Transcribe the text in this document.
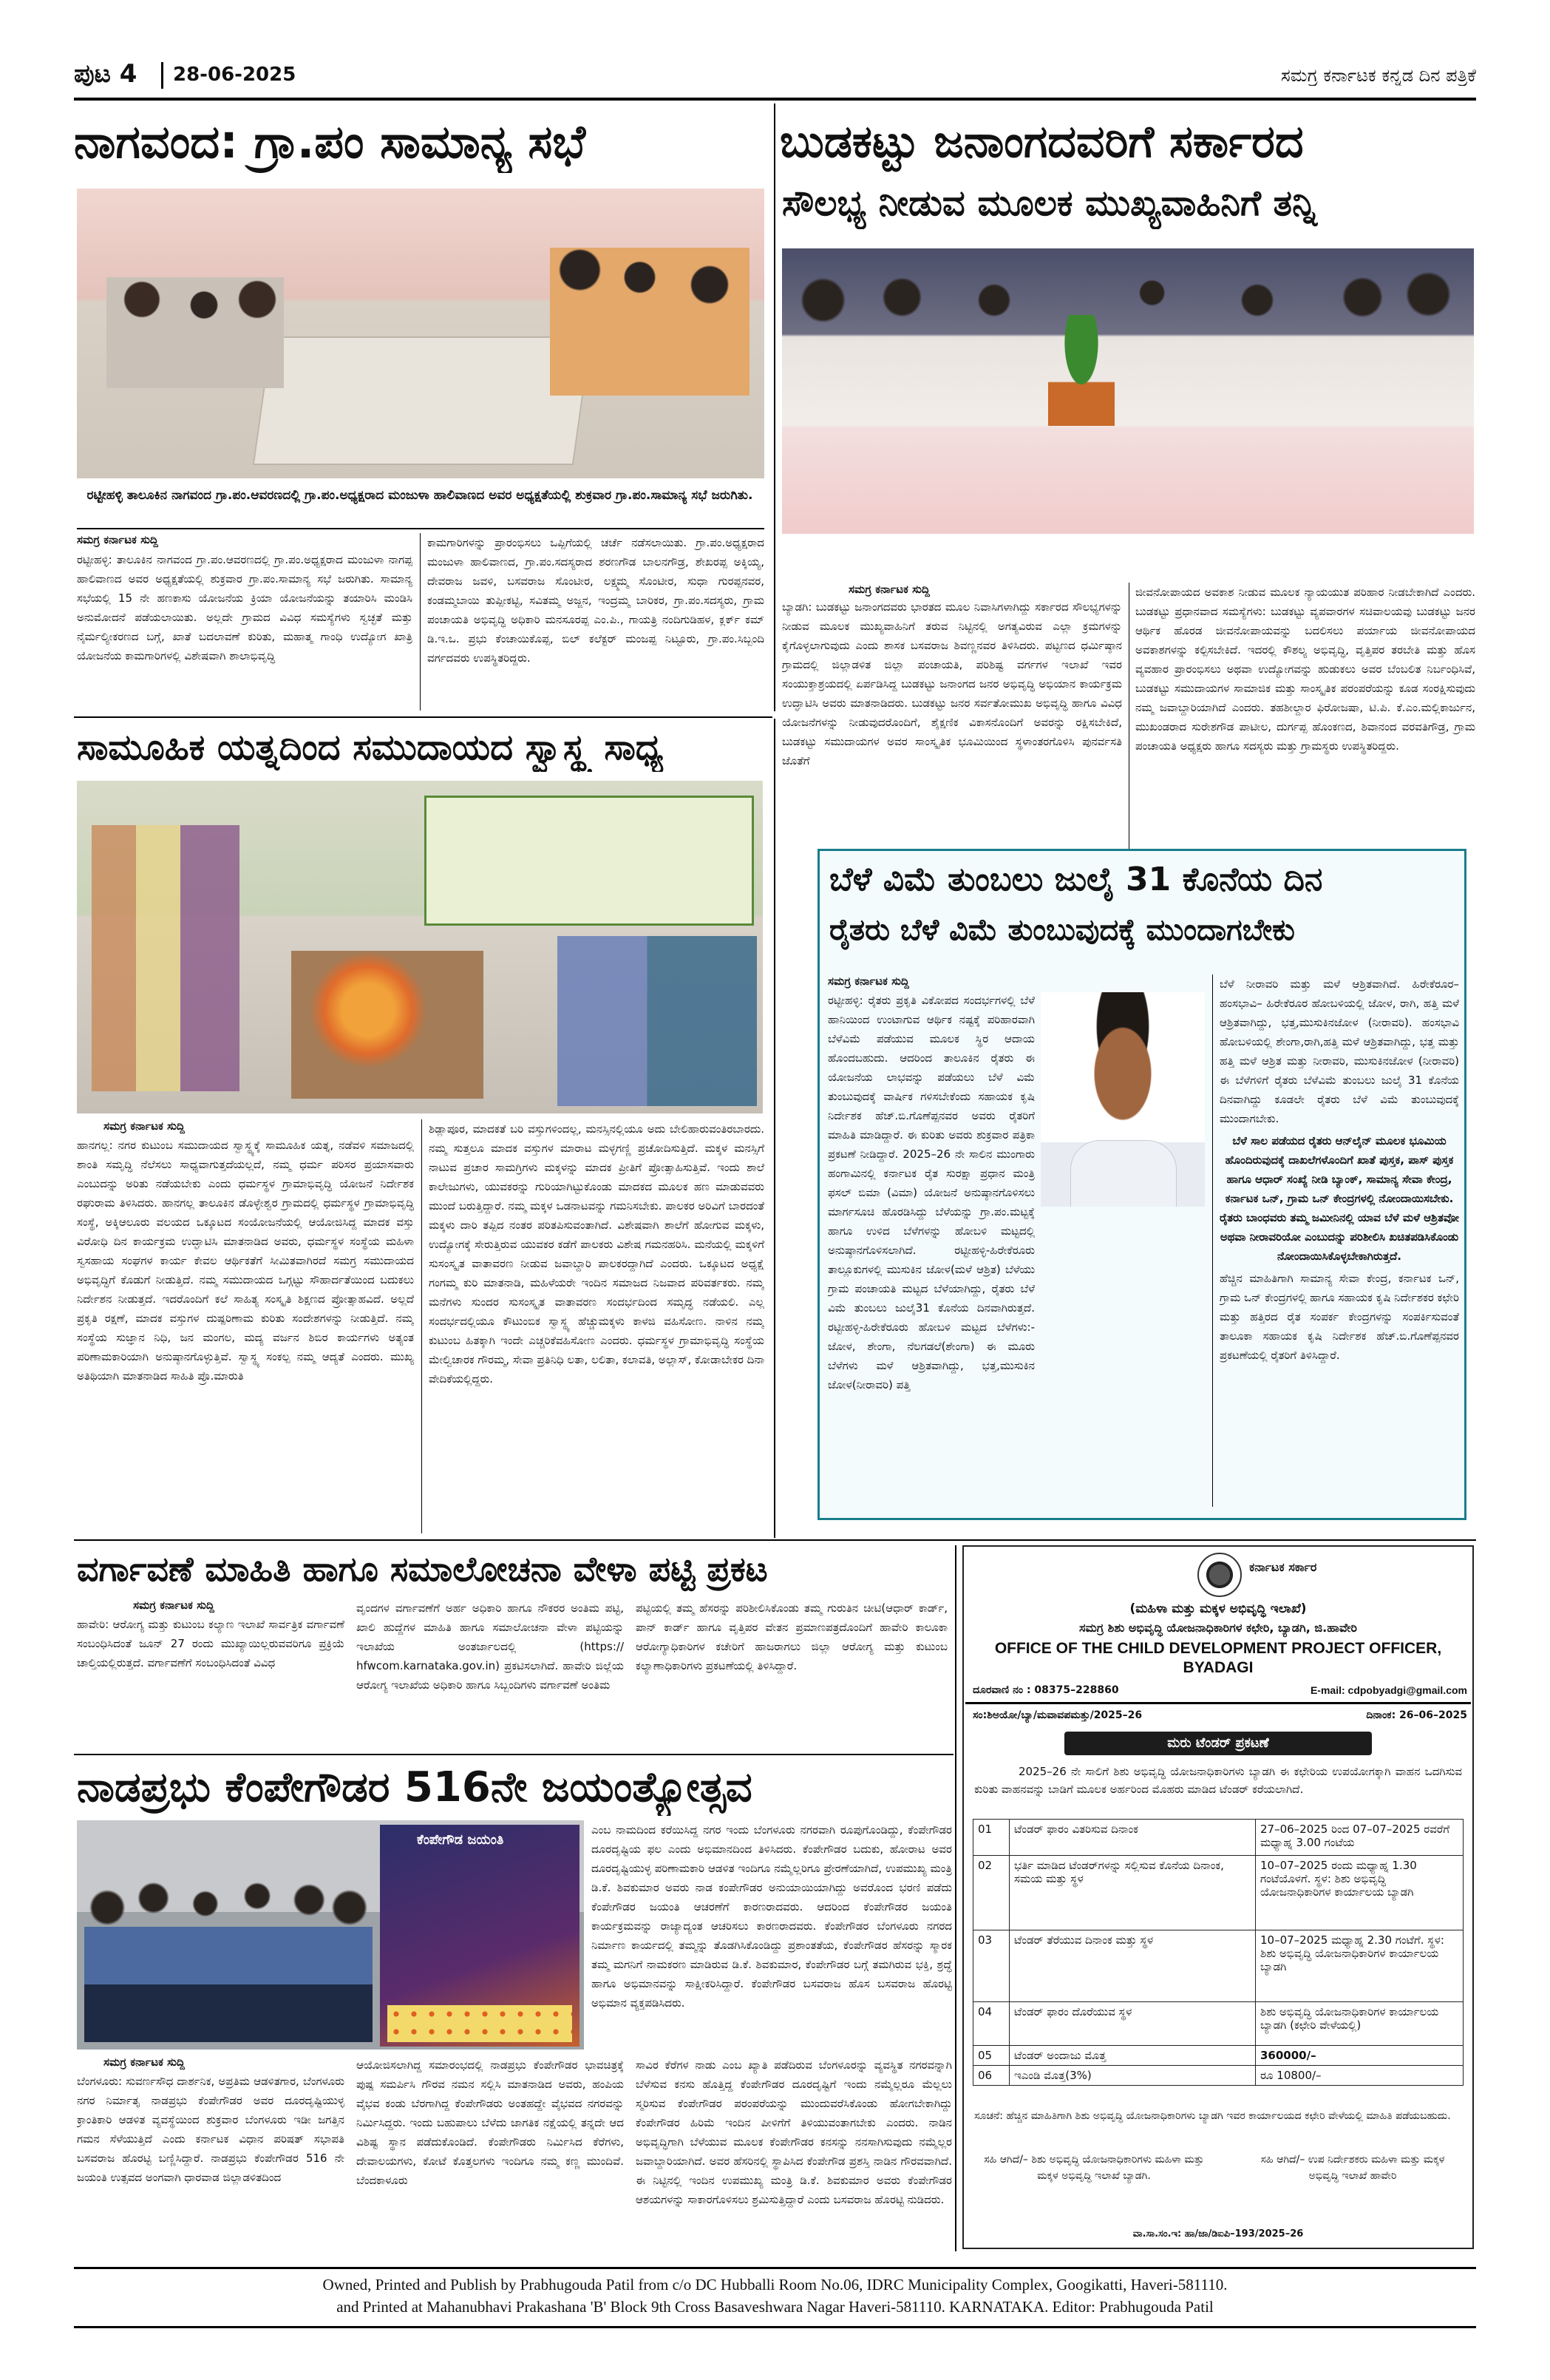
ಪುಟ 4 28-06-2025	ಸಮಗ್ರ ಕರ್ನಾಟಕ ಕನ್ನಡ ದಿನ ಪತ್ರಿಕೆ
ನಾಗವಂದ: ಗ್ರಾ.ಪಂ ಸಾಮಾನ್ಯ ಸಭೆ
ರಟ್ಟೀಹಳ್ಳಿ ತಾಲೂಕಿನ ನಾಗವಂದ ಗ್ರಾ.ಪಂ.ಆವರಣದಲ್ಲಿ ಗ್ರಾ.ಪಂ.ಅಧ್ಯಕ್ಷರಾದ ಮಂಜುಳಾ ಹಾಲಿವಾಣದ ಅವರ ಅಧ್ಯಕ್ಷತೆಯಲ್ಲಿ ಶುಕ್ರವಾರ ಗ್ರಾ.ಪಂ.ಸಾಮಾನ್ಯ ಸಭೆ ಜರುಗಿತು.
ಸಮಗ್ರ ಕರ್ನಾಟಕ ಸುದ್ದಿ
ರಟ್ಟೀಹಳ್ಳಿ: ತಾಲೂಕಿನ ನಾಗವಂದ ಗ್ರಾ.ಪಂ.ಆವರಣದಲ್ಲಿ ಗ್ರಾ.ಪಂ.ಅಧ್ಯಕ್ಷರಾದ ಮಂಜುಳಾ ನಾಗಪ್ಪ ಹಾಲಿವಾಣದ ಅವರ ಅಧ್ಯಕ್ಷತೆಯಲ್ಲಿ ಶುಕ್ರವಾರ ಗ್ರಾ.ಪಂ.ಸಾಮಾನ್ಯ ಸಭೆ ಜರುಗಿತು. ಸಾಮಾನ್ಯ ಸಭೆಯಲ್ಲಿ 15 ನೇ ಹಣಕಾಸು ಯೋಜನೆಯ ಕ್ರಿಯಾ ಯೋಜನೆಯನ್ನು ತಯಾರಿಸಿ ಮಂಡಿಸಿ ಅನುಮೋದನೆ ಪಡೆಯಲಾಯಿತು. ಅಲ್ಲದೇ ಗ್ರಾಮದ ವಿವಿಧ ಸಮಸ್ಯೆಗಳು ಸ್ವಚ್ಛತೆ ಮತ್ತು ನೈರ್ಮಲ್ಯೀಕರಣದ ಬಗ್ಗೆ, ಖಾತೆ ಬದಲಾವಣೆ ಕುರಿತು, ಮಹಾತ್ಮ ಗಾಂಧಿ ಉದ್ಯೋಗ ಖಾತ್ರಿ ಯೋಜನೆಯ ಕಾಮಗಾರಿಗಳಲ್ಲಿ ವಿಶೇಷವಾಗಿ ಶಾಲಾಭಿವೃದ್ಧಿ
ಕಾಮಗಾರಿಗಳನ್ನು ಪ್ರಾರಂಭಿಸಲು ಒಪ್ಪಿಗೆಯಲ್ಲಿ ಚರ್ಚೆ ನಡೆಸಲಾಯಿತು. ಗ್ರಾ.ಪಂ.ಅಧ್ಯಕ್ಷರಾದ ಮಂಜುಳಾ ಹಾಲಿವಾಣದ, ಗ್ರಾ.ಪಂ.ಸದಸ್ಯರಾದ ಶರಣಗೌಡ ಬಾಲನಗೌಡ್ರ, ಶೇಖರಪ್ಪ ಅಕ್ಕಿಯ್ಯ, ದೇವರಾಜ ಜವಳಿ, ಬಸವರಾಜ ಸೊಂಟೀರ, ಲಕ್ಷ್ಮಮ್ಮ ಸೊಂಟೀರ, ಸುಧಾ ಗುರಪ್ಪನವರ, ಕಂಡಮ್ಮಬಾಯಿ ತುಪ್ಪೀಕಟ್ಟಿ, ಸವಿತಮ್ಮ ಅಜ್ಜನ, ಇಂದ್ರಮ್ಮ ಬಾರಿಕರ, ಗ್ರಾ.ಪಂ.ಸದಸ್ಯರು, ಗ್ರಾಮ ಪಂಚಾಯತಿ ಅಭಿವೃದ್ಧಿ ಅಧಿಕಾರಿ ಮನಸೂರಪ್ಪ ಎಂ.ಪಿ., ಗಾಯತ್ರಿ ನಂದಿಗುಡಿಹಳ, ಕ್ಲರ್ಕ್ ಕಮ್ ಡಿ.ಇ.ಒ. ಪ್ರಭು ಕೆಂಚಾಯಿಕೊಪ್ಪ, ಬಿಲ್ ಕಲೆಕ್ಟರ್ ಮಂಜಪ್ಪ ನಿಟ್ಟೂರು, ಗ್ರಾ.ಪಂ.ಸಿಬ್ಬಂದಿ ವರ್ಗದವರು ಉಪಸ್ಥಿತರಿದ್ದರು.
ಬುಡಕಟ್ಟು ಜನಾಂಗದವರಿಗೆ ಸರ್ಕಾರದ
ಸೌಲಭ್ಯ ನೀಡುವ ಮೂಲಕ ಮುಖ್ಯವಾಹಿನಿಗೆ ತನ್ನಿ
ಸಮಗ್ರ ಕರ್ನಾಟಕ ಸುದ್ದಿ
ಬ್ಯಾಡಗಿ: ಬುಡಕಟ್ಟು ಜನಾಂಗದವರು ಭಾರತದ ಮೂಲ ನಿವಾಸಿಗಳಾಗಿದ್ದು ಸರ್ಕಾರದ ಸೌಲಭ್ಯಗಳನ್ನು ನೀಡುವ ಮೂಲಕ ಮುಖ್ಯವಾಹಿನಿಗೆ ತರುವ ನಿಟ್ಟಿನಲ್ಲಿ ಅಗತ್ಯವಿರುವ ಎಲ್ಲಾ ಕ್ರಮಗಳನ್ನು ಕೈಗೊಳ್ಳಲಾಗುವುದು ಎಂದು ಶಾಸಕ ಬಸವರಾಜ ಶಿವಣ್ಣನವರ ತಿಳಿಸಿದರು. ಪಟ್ಟಣದ ಧರ್ಮಿಷ್ಠಾನ ಗ್ರಾಮದಲ್ಲಿ ಜಿಲ್ಲಾಡಳಿತ ಜಿಲ್ಲಾ ಪಂಚಾಯತಿ, ಪರಿಶಿಷ್ಟ ವರ್ಗಗಳ ಇಲಾಖೆ ಇವರ ಸಂಯುಕ್ತಾಶ್ರಯದಲ್ಲಿ ಏರ್ಪಡಿಸಿದ್ದ ಬುಡಕಟ್ಟು ಜನಾಂಗದ ಜನರ ಅಭಿವೃದ್ಧಿ ಅಭಿಯಾನ ಕಾರ್ಯಕ್ರಮ ಉದ್ಘಾಟಿಸಿ ಅವರು ಮಾತನಾಡಿದರು. ಬುಡಕಟ್ಟು ಜನರ ಸರ್ವತೋಮುಖ ಅಭಿವೃದ್ಧಿ ಹಾಗೂ ವಿವಿಧ ಯೋಜನೆಗಳನ್ನು ನೀಡುವುದರೊಂದಿಗೆ, ಶೈಕ್ಷಣಿಕ ವಿಕಾಸನೊಂದಿಗೆ ಅವರನ್ನು ರಕ್ಷಿಸಬೇಕಿದೆ, ಬುಡಕಟ್ಟು ಸಮುದಾಯಗಳ ಅವರ ಸಾಂಸ್ಕೃತಿಕ ಭೂಮಿಯಿಂದ ಸ್ಥಳಾಂತರಗೊಳಿಸಿ ಪುನರ್ವಸತಿ ಜೊತೆಗೆ
ಜೀವನೋಪಾಯದ ಅವಕಾಶ ನೀಡುವ ಮೂಲಕ ನ್ಯಾಯಯುತ ಪರಿಹಾರ ನೀಡಬೇಕಾಗಿದೆ ಎಂದರು. ಬುಡಕಟ್ಟು ಪ್ರಧಾನವಾದ ಸಮಸ್ಯೆಗಳು: ಬುಡಕಟ್ಟು ವ್ಯಪವಾರಗಳ ಸಚಿವಾಲಯವು ಬುಡಕಟ್ಟು ಜನರ ಆರ್ಥಿಕ ಹೊರಡ ಜೀವನೋಪಾಯವನ್ನು ಬದಲಿಸಲು ಪರ್ಯಾಯ ಜೀವನೋಪಾಯದ ಅವಕಾಶಗಳನ್ನು ಕಲ್ಪಿಸಬೇಕಿದೆ. ಇದರಲ್ಲಿ ಕೌಶಲ್ಯ ಅಭಿವೃದ್ಧಿ, ವೃತ್ತಿಪರ ತರಬೇತಿ ಮತ್ತು ಹೊಸ ವ್ಯವಹಾರ ಪ್ರಾರಂಭಿಸಲು ಅಥವಾ ಉದ್ಯೋಗವನ್ನು ಹುಡುಕಲು ಅವರ ಬೆಂಬಲಿತ ನಿರ್ಬಂಧಿಸಿವೆ, ಬುಡಕಟ್ಟು ಸಮುದಾಯಗಳ ಸಾಮಾಜಿಕ ಮತ್ತು ಸಾಂಸ್ಕೃತಿಕ ಪರಂಪರೆಯನ್ನು ಕೂಡ ಸಂರಕ್ಷಿಸುವುದು ನಮ್ಮ ಜವಾಬ್ದಾರಿಯಾಗಿದೆ ಎಂದರು. ತಹಶೀಲ್ದಾರ ಫಿರೋಜಷಾ, ಟಿ.ಪಿ. ಕೆ.ಎಂ.ಮಲ್ಲಿಕಾರ್ಜುನ, ಮುಖಂಡರಾದ ಸುರೇಶಗೌಡ ಪಾಟೀಲ, ದುರ್ಗಪ್ಪ ಹೊಂಕಣದ, ಶಿವಾನಂದ ವರವತಿಗೌಡ್ರ, ಗ್ರಾಮ ಪಂಚಾಯತಿ ಅಧ್ಯಕ್ಷರು ಹಾಗೂ ಸದಸ್ಯರು ಮತ್ತು ಗ್ರಾಮಸ್ಥರು ಉಪಸ್ಥಿತರಿದ್ದರು.
ಸಾಮೂಹಿಕ ಯತ್ನದಿಂದ ಸಮುದಾಯದ ಸ್ವಾಸ್ಥ್ಯ ಸಾಧ್ಯ
ಸಮಗ್ರ ಕರ್ನಾಟಕ ಸುದ್ದಿ
ಹಾನಗಲ್ಲ: ನಗರ ಕುಟುಂಬ ಸಮುದಾಯದ ಸ್ವಾಸ್ಥ್ಯಕ್ಕೆ ಸಾಮೂಹಿಕ ಯತ್ನ, ನಡೆವಳಿ ಸಮಾಜದಲ್ಲಿ ಶಾಂತಿ ಸಮೃದ್ಧಿ ನೆಲೆಸಲು ಸಾಧ್ಯವಾಗುತ್ತದೆಯಲ್ಲದೆ, ನಮ್ಮ ಧರ್ಮ ಪರಿಸರ ಪ್ರಯಾಸವಾರು ಎಂಬುದನ್ನು ಅರಿತು ನಡೆಯಬೇಕು ಎಂದು ಧರ್ಮಸ್ಥಳ ಗ್ರಾಮಾಭಿವೃದ್ಧಿ ಯೋಜನೆ ನಿರ್ದೇಶಕ ರಘುರಾಮ ತಿಳಿಸಿದರು. ಹಾನಗಲ್ಲ ತಾಲೂಕಿನ ಡೊಳ್ಳೇಶ್ವರ ಗ್ರಾಮದಲ್ಲಿ ಧರ್ಮಸ್ಥಳ ಗ್ರಾಮಾಭಿವೃದ್ಧಿ ಸಂಸ್ಥೆ, ಅಕ್ಕಿಆಲೂರು ವಲಯದ ಒಕ್ಕೂಟದ ಸಂಯೋಜನೆಯಲ್ಲಿ ಆಯೋಜಿಸಿದ್ದ ಮಾದಕ ವಸ್ತು ವಿರೋಧಿ ದಿನ ಕಾರ್ಯಕ್ರಮ ಉದ್ಘಾಟಿಸಿ ಮಾತನಾಡಿದ ಅವರು, ಧರ್ಮಸ್ಥಳ ಸಂಸ್ಥೆಯ ಮಹಿಳಾ ಸ್ವಸಹಾಯ ಸಂಘಗಳ ಕಾರ್ಯ ಕೇವಲ ಆರ್ಥಿಕತೆಗೆ ಸೀಮಿತವಾಗಿರದೆ ಸಮಗ್ರ ಸಮುದಾಯದ ಅಭಿವೃದ್ಧಿಗೆ ಕೊಡುಗೆ ನೀಡುತ್ತಿದೆ. ನಮ್ಮ ಸಮುದಾಯದ ಒಗ್ಗಟ್ಟು ಸೌಹಾರ್ದತೆಯಿಂದ ಬದುಕಲು ನಿರ್ದೇಶನ ನೀಡುತ್ತದೆ. ಇದರೊಂದಿಗೆ ಕಲೆ ಸಾಹಿತ್ಯ ಸಂಸ್ಕೃತಿ ಶಿಕ್ಷಣದ ಪ್ರೋತ್ಸಾಹವಿದೆ. ಅಲ್ಲದೆ ಪ್ರಕೃತಿ ರಕ್ಷಣೆ, ಮಾದಕ ವಸ್ತುಗಳ ದುಷ್ಪರಿಣಾಮ ಕುರಿತು ಸಂದೇಶಗಳನ್ನು ನೀಡುತ್ತಿದೆ. ನಮ್ಮ ಸಂಸ್ಥೆಯ ಸುಜ್ಞಾನ ನಿಧಿ, ಜನ ಮಂಗಲ, ಮದ್ಯ ವರ್ಜನ ಶಿಬಿರ ಕಾರ್ಯಗಳು ಅತ್ಯಂತ ಪರಿಣಾಮಕಾರಿಯಾಗಿ ಅನುಷ್ಠಾನಗೊಳ್ಳುತ್ತಿವೆ. ಸ್ವಾಸ್ಥ್ಯ ಸಂಕಲ್ಪ ನಮ್ಮ ಆದ್ಯತೆ ಎಂದರು. ಮುಖ್ಯ ಅತಿಥಿಯಾಗಿ ಮಾತನಾಡಿದ ಸಾಹಿತಿ ಪ್ರೊ.ಮಾರುತಿ
ಶಿಡ್ಲಾಪೂರ, ಮಾದಕತೆ ಬರಿ ವಸ್ತುಗಳಿಂದಲ್ಲ, ಮನಸ್ಸಿನಲ್ಲಿಯೂ ಅದು ಬೇಲಿಹಾರುವಂತಿರಬಾರದು. ನಮ್ಮ ಸುತ್ತಲೂ ಮಾದಕ ವಸ್ತುಗಳ ಮಾರಾಟ ಮಳ್ಳಗಣ್ಣಿ ಪ್ರಚೋದಿಸುತ್ತಿದೆ. ಮಕ್ಕಳ ಮನಸ್ಸಿಗೆ ನಾಟುವ ಪ್ರಚಾರ ಸಾಮಗ್ರಿಗಳು ಮಕ್ಕಳನ್ನು ಮಾದಕ ಪ್ರೀತಿಗೆ ಪ್ರೋತ್ಸಾಹಿಸುತ್ತಿವೆ. ಇಂದು ಶಾಲೆ ಕಾಲೇಜುಗಳು, ಯುವಕರನ್ನು ಗುರಿಯಾಗಿಟ್ಟುಕೊಂಡು ಮಾದಕದ ಮೂಲಕ ಹಣ ಮಾಡುವವರು ಮುಂದೆ ಬರುತ್ತಿದ್ದಾರೆ. ನಮ್ಮ ಮಕ್ಕಳ ಒಡನಾಟವನ್ನು ಗಮನಿಸಬೇಕು. ಪಾಲಕರ ಅರಿವಿಗೆ ಬಾರದಂತೆ ಮಕ್ಕಳು ದಾರಿ ತಪ್ಪಿದ ನಂತರ ಪರಿತಪಿಸುವಂತಾಗಿದೆ. ವಿಶೇಷವಾಗಿ ಶಾಲೆಗೆ ಹೋಗುವ ಮಕ್ಕಳು, ಉದ್ಯೋಗಕ್ಕೆ ಸೇರುತ್ತಿರುವ ಯುವಕರ ಕಡೆಗೆ ಪಾಲಕರು ವಿಶೇಷ ಗಮನಹರಿಸಿ. ಮನೆಯಲ್ಲಿ ಮಕ್ಕಳಿಗೆ ಸುಸಂಸ್ಕೃತ ವಾತಾವರಣ ನೀಡುವ ಜವಾಬ್ದಾರಿ ಪಾಲಕರದ್ದಾಗಿದೆ ಎಂದರು. ಒಕ್ಕೂಟದ ಅಧ್ಯಕ್ಷೆ ಗಂಗಮ್ಮ ಕುರಿ ಮಾತನಾಡಿ, ಮಹಿಳೆಯರೇ ಇಂದಿನ ಸಮಾಜದ ನಿಜವಾದ ಪರಿವರ್ತಕರು. ನಮ್ಮ ಮನೆಗಳು ಸುಂದರ ಸುಸಂಸ್ಕೃತ ವಾತಾವರಣ ಸಂದರ್ಭದಿಂದ ಸಮೃದ್ಧ ನಡೆಯಲಿ. ಎಲ್ಲ ಸಂದರ್ಭದಲ್ಲಿಯೂ ಕೌಟುಂಬಿಕ ಸ್ವಾಸ್ಥ್ಯ ಹೆಚ್ಚುಮಕ್ಕಳು ಕಾಳಜಿ ವಹಿಸೋಣ. ನಾಳಿನ ನಮ್ಮ ಕುಟುಂಬ ಹಿತಕ್ಕಾಗಿ ಇಂದೇ ಎಚ್ಚರಿಕೆವಹಿಸೋಣ ಎಂದರು. ಧರ್ಮಸ್ಥಳ ಗ್ರಾಮಾಭಿವೃದ್ಧಿ ಸಂಸ್ಥೆಯ ಮೇಲ್ವಿಚಾರಕ ಗೌರಮ್ಮ, ಸೇವಾ ಪ್ರತಿನಿಧಿ ಲತಾ, ಲಲಿತಾ, ಕಲಾವತಿ, ಅಲ್ಲಾಸ್, ಕೋಡಾಬೇಕರ ದಿನಾ ವೇದಿಕೆಯಲ್ಲಿದ್ದರು.
ಬೆಳೆ ವಿಮೆ ತುಂಬಲು ಜುಲೈ 31 ಕೊನೆಯ ದಿನ
ರೈತರು ಬೆಳೆ ವಿಮೆ ತುಂಬುವುದಕ್ಕೆ ಮುಂದಾಗಬೇಕು
ಸಮಗ್ರ ಕರ್ನಾಟಕ ಸುದ್ದಿ

ರಟ್ಟೀಹಳ್ಳಿ: ರೈತರು ಪ್ರಕೃತಿ ವಿಕೋಪದ ಸಂದರ್ಭಗಳಲ್ಲಿ ಬೆಳೆ ಹಾನಿಯಿಂದ ಉಂಟಾಗುವ ಆರ್ಥಿಕ ನಷ್ಟಕ್ಕೆ ಪರಿಹಾರವಾಗಿ ಬೆಳೆವಿಮೆ ಪಡೆಯುವ ಮೂಲಕ ಸ್ಥಿರ ಆದಾಯ ಹೊಂದಬಹುದು. ಆದರಿಂದ ತಾಲೂಕಿನ ರೈತರು ಈ ಯೋಜನೆಯ ಲಾಭವನ್ನು ಪಡೆಯಲು ಬೆಳೆ ವಿಮೆ ತುಂಬುವುದಕ್ಕೆ ವಾರ್ಷಿಕ ಗಳಿಸಬೇಕೆಂದು ಸಹಾಯಕ ಕೃಷಿ ನಿರ್ದೇಶಕ ಹೆಚ್.ಬಿ.ಗೊಣೆಪ್ಪನವರ ಅವರು ರೈತರಿಗೆ ಮಾಹಿತಿ ಮಾಡಿದ್ದಾರೆ. ಈ ಕುರಿತು ಅವರು ಶುಕ್ರವಾರ ಪತ್ರಿಕಾ ಪ್ರಕಟಣೆ ನೀಡಿದ್ದಾರೆ. 2025–26 ನೇ ಸಾಲಿನ ಮುಂಗಾರು ಹಂಗಾಮಿನಲ್ಲಿ ಕರ್ನಾಟಕ ರೈತ ಸುರಕ್ಷಾ ಪ್ರಧಾನ ಮಂತ್ರಿ ಫಸಲ್ ಬಿಮಾ (ವಿಮಾ) ಯೋಜನೆ ಅನುಷ್ಠಾನಗೊಳಿಸಲು ಮಾರ್ಗಸೂಚಿ ಹೊರಡಿಸಿದ್ದು ಬೆಳೆಯನ್ನು ಗ್ರಾ.ಪಂ.ಮಟ್ಟಕ್ಕೆ ಹಾಗೂ ಉಳಿದ ಬೆಳೆಗಳನ್ನು ಹೋಬಳಿ ಮಟ್ಟದಲ್ಲಿ ಅನುಷ್ಠಾನಗೊಳಿಸಲಾಗಿದೆ. ರಟ್ಟೀಹಳ್ಳಿ-ಹಿರೇಕೆರೂರು ತಾಲ್ಲೂಕುಗಳಲ್ಲಿ ಮುಸುಕಿನ ಜೋಳ(ಮಳೆ ಆಶ್ರಿತ) ಬೆಳೆಯು ಗ್ರಾಮ ಪಂಚಾಯತಿ ಮಟ್ಟದ ಬೆಳೆಯಾಗಿದ್ದು, ರೈತರು ಬೆಳೆ ವಿಮೆ ತುಂಬಲು ಜುಲೈ31 ಕೊನೆಯ ದಿನವಾಗಿರುತ್ತದೆ. ರಟ್ಟೀಹಳ್ಳಿ-ಹಿರೇಕೆರೂರು ಹೋಬಳಿ ಮಟ್ಟದ ಬೆಳೆಗಳು:- ಜೋಳ, ಶೇಂಗಾ, ನೆಲಗಡಲೆ(ಶೇಂಗಾ) ಈ ಮೂರು ಬೆಳೆಗಳು ಮಳೆ ಆಶ್ರಿತವಾಗಿದ್ದು, ಭತ್ತ,ಮುಸುಕಿನ ಜೋಳ(ನೀರಾವರಿ) ಪತ್ತಿ

ಬೆಳೆ ನೀರಾವರಿ ಮತ್ತು ಮಳೆ ಆಶ್ರಿತವಾಗಿದೆ. ಹಿರೇಕೆರೂರ–ಹಂಸಭಾವಿ– ಹಿರೇಕೆರೂರ ಹೋಬಳಿಯಲ್ಲಿ ಜೋಳ, ರಾಗಿ, ಹತ್ತಿ ಮಳೆ ಆಶ್ರಿತವಾಗಿದ್ದು, ಭತ್ತ,ಮುಸುಕಿನಜೋಳ (ನೀರಾವರಿ). ಹಂಸಭಾವಿ ಹೋಬಳಿಯಲ್ಲಿ ಶೇಂಗಾ,ರಾಗಿ,ಹತ್ತಿ ಮಳೆ ಆಶ್ರಿತವಾಗಿದ್ದು, ಭತ್ತ ಮತ್ತು ಹತ್ತಿ ಮಳೆ ಆಶ್ರಿತ ಮತ್ತು ನೀರಾವರಿ, ಮುಸುಕಿನಜೋಳ (ನೀರಾವರಿ) ಈ ಬೆಳೆಗಳಿಗೆ ರೈತರು ಬೆಳೆವಿಮೆ ತುಂಬಲು ಜುಲೈ 31 ಕೊನೆಯ ದಿನವಾಗಿದ್ದು ಕೂಡಲೇ ರೈತರು ಬೆಳೆ ವಿಮೆ ತುಂಬುವುದಕ್ಕೆ ಮುಂದಾಗಬೇಕು.

ಬೆಳೆ ಸಾಲ ಪಡೆಯದ ರೈತರು ಆನ್‌ಲೈನ್ ಮೂಲಕ ಭೂಮಿಯ ಹೊಂದಿರುವುದಕ್ಕೆ ದಾಖಲೆಗಳೊಂದಿಗೆ ಖಾತೆ ಪುಸ್ತಕ, ಪಾಸ್ ಪುಸ್ತಕ ಹಾಗೂ ಆಧಾರ್ ಸಂಖ್ಯೆ ನೀಡಿ ಬ್ಯಾಂಕ್, ಸಾಮಾನ್ಯ ಸೇವಾ ಕೇಂದ್ರ, ಕರ್ನಾಟಕ ಒನ್, ಗ್ರಾಮ ಒನ್ ಕೇಂದ್ರಗಳಲ್ಲಿ ನೋಂದಾಯಿಸಬೇಕು. ರೈತರು ಬಾಂಧವರು ತಮ್ಮ ಜಮೀನಿನಲ್ಲಿ ಯಾವ ಬೆಳೆ ಮಳೆ ಆಶ್ರಿತವೋ ಅಥವಾ ನೀರಾವರಿಯೋ ಎಂಬುದನ್ನು ಪರಿಶೀಲಿಸಿ ಖಚಿತಪಡಿಸಿಕೊಂಡು ನೋಂದಾಯಿಸಿಕೊಳ್ಳಬೇಕಾಗಿರುತ್ತದೆ.

ಹೆಚ್ಚಿನ ಮಾಹಿತಿಗಾಗಿ ಸಾಮಾನ್ಯ ಸೇವಾ ಕೇಂದ್ರ, ಕರ್ನಾಟಕ ಒನ್, ಗ್ರಾಮ ಒನ್ ಕೇಂದ್ರಗಳಲ್ಲಿ ಹಾಗೂ ಸಹಾಯಕ ಕೃಷಿ ನಿರ್ದೇಶಕರ ಕಛೇರಿ ಮತ್ತು ಹತ್ತಿರದ ರೈತ ಸಂಪರ್ಕ ಕೇಂದ್ರಗಳನ್ನು ಸಂಪರ್ಕಿಸುವಂತೆ ತಾಲೂಕಾ ಸಹಾಯಕ ಕೃಷಿ ನಿರ್ದೇಶಕ ಹೆಚ್.ಬಿ.ಗೊಣೆಪ್ಪನವರ ಪ್ರಕಟಣೆಯಲ್ಲಿ ರೈತರಿಗೆ ತಿಳಿಸಿದ್ದಾರೆ.

ವರ್ಗಾವಣೆ ಮಾಹಿತಿ ಹಾಗೂ ಸಮಾಲೋಚನಾ ವೇಳಾ ಪಟ್ಟಿ ಪ್ರಕಟ
ಸಮಗ್ರ ಕರ್ನಾಟಕ ಸುದ್ದಿ
ಹಾವೇರಿ: ಆರೋಗ್ಯ ಮತ್ತು ಕುಟುಂಬ ಕಲ್ಯಾಣ ಇಲಾಖೆ ಸಾರ್ವತ್ರಿಕ ವರ್ಗಾವಣೆ ಸಂಬಂಧಿಸಿದಂತೆ ಜೂನ್ 27 ರಂದು ಮುಖ್ಯಾಯಿಲ್ಲರುವವರಿಗೂ ಪ್ರಕ್ರಿಯೆ ಚಾಲ್ತಿಯಲ್ಲಿರುತ್ತದೆ. ವರ್ಗಾವಣೆಗೆ ಸಂಬಂಧಿಸಿದಂತೆ ವಿವಿಧ
ವೃಂದಗಳ ವರ್ಗಾವಣೆಗೆ ಅರ್ಹ ಅಧಿಕಾರಿ ಹಾಗೂ ನೌಕರರ ಅಂತಿಮ ಪಟ್ಟಿ, ಖಾಲಿ ಹುದ್ದೆಗಳ ಮಾಹಿತಿ ಹಾಗೂ ಸಮಾಲೋಚನಾ ವೇಳಾ ಪಟ್ಟಿಯನ್ನು ಇಲಾಖೆಯ ಅಂತರ್ಜಾಲದಲ್ಲಿ (https:// hfwcom.karnataka.gov.in) ಪ್ರಕಟಿಸಲಾಗಿದೆ. ಹಾವೇರಿ ಜಿಲ್ಲೆಯ ಆರೋಗ್ಯ ಇಲಾಖೆಯ ಅಧಿಕಾರಿ ಹಾಗೂ ಸಿಬ್ಬಂದಿಗಳು ವರ್ಗಾವಣೆ ಅಂತಿಮ
ಪಟ್ಟಿಯಲ್ಲಿ ತಮ್ಮ ಹೆಸರನ್ನು ಪರಿಶೀಲಿಸಿಕೊಂಡು ತಮ್ಮ ಗುರುತಿನ ಚೀಟಿ(ಆಧಾರ್ ಕಾರ್ಡ್, ಪಾನ್ ಕಾರ್ಡ್ ಹಾಗೂ ವೃತ್ತಿಪರ ವೇತನ ಪ್ರಮಾಣಪತ್ರದೊಂದಿಗೆ ಹಾವೇರಿ ಕಾಲೂಕಾ ಆರೋಗ್ಯಾಧಿಕಾರಿಗಳ ಕಚೇರಿಗೆ ಹಾಜರಾಗಲು ಜಿಲ್ಲಾ ಆರೋಗ್ಯ ಮತ್ತು ಕುಟುಂಬ ಕಲ್ಯಾಣಾಧಿಕಾರಿಗಳು ಪ್ರಕಟಣೆಯಲ್ಲಿ ತಿಳಿಸಿದ್ದಾರೆ.
ಕರ್ನಾಟಕ ಸರ್ಕಾರ
(ಮಹಿಳಾ ಮತ್ತು ಮಕ್ಕಳ ಅಭಿವೃದ್ಧಿ ಇಲಾಖೆ)
ಸಮಗ್ರ ಶಿಶು ಅಭಿವೃದ್ಧಿ ಯೋಜನಾಧಿಕಾರಿಗಳ ಕಛೇರಿ, ಬ್ಯಾಡಗಿ, ಜಿ.ಹಾವೇರಿ
OFFICE OF THE CHILD DEVELOPMENT PROJECT OFFICER,
BYADAGI
ದೂರವಾಣಿ ನಂ : 08375–228860	E-mail: cdpobyadgi@gmail.com
ಸಂ:ಶಿಅಯೋ/ಬ್ಯಾ/ಮವಾವಪಮತ್ತು/2025–26	ದಿನಾಂಕ: 26–06–2025
ಮರು ಟೆಂಡರ್ ಪ್ರಕಟಣೆ
2025–26 ನೇ ಸಾಲಿಗೆ ಶಿಶು ಅಭಿವೃದ್ಧಿ ಯೋಜನಾಧಿಕಾರಿಗಳು ಬ್ಯಾಡಗಿ ಈ ಕಛೇರಿಯ ಉಪಯೋಗಕ್ಕಾಗಿ ವಾಹನ ಒದಗಿಸುವ ಕುರಿತು ವಾಹನವನ್ನು ಬಾಡಿಗೆ ಮೂಲಕ ಅರ್ಹರಿಂದ ಮೊಹರು ಮಾಡಿದ ಟೆಂಡರ್ ಕರೆಯಲಾಗಿದೆ.
01	ಟೆಂಡರ್ ಫಾರಂ ವಿತರಿಸುವ ದಿನಾಂಕ	27–06–2025 ರಿಂದ 07–07–2025 ರವರೆಗೆ ಮಧ್ಯಾಹ್ನ 3.00 ಗಂಟೆಯ
02	ಭರ್ತಿ ಮಾಡಿದ ಟೆಂಡರ್‌ಗಳನ್ನು ಸಲ್ಲಿಸುವ ಕೊನೆಯ ದಿನಾಂಕ, ಸಮಯ ಮತ್ತು ಸ್ಥಳ	10–07–2025 ರಂದು ಮಧ್ಯಾಹ್ನ 1.30 ಗಂಟೆಯೊಳಗೆ. ಸ್ಥಳ: ಶಿಶು ಅಭಿವೃದ್ಧಿ ಯೋಜನಾಧಿಕಾರಿಗಳ ಕಾರ್ಯಾಲಯ ಬ್ಯಾಡಗಿ
03	ಟೆಂಡರ್ ತೆರೆಯುವ ದಿನಾಂಕ ಮತ್ತು ಸ್ಥಳ	10–07–2025 ಮಧ್ಯಾಹ್ನ 2.30 ಗಂಟೆಗೆ. ಸ್ಥಳ: ಶಿಶು ಅಭಿವೃದ್ಧಿ ಯೋಜನಾಧಿಕಾರಿಗಳ ಕಾರ್ಯಾಲಯ ಬ್ಯಾಡಗಿ
04	ಟೆಂಡರ್ ಫಾರಂ ದೊರೆಯುವ ಸ್ಥಳ	ಶಿಶು ಅಭಿವೃದ್ಧಿ ಯೋಜನಾಧಿಕಾರಿಗಳ ಕಾರ್ಯಾಲಯ ಬ್ಯಾಡಗಿ (ಕಛೇರಿ ವೇಳೆಯಲ್ಲಿ)
05	ಟೆಂಡರ್ ಅಂದಾಜು ಮೊತ್ತ	360000/–
06	ಇಎಂಡಿ ಮೊತ್ತ(3%)	ರೂ 10800/–
ಸೂಚನೆ: ಹೆಚ್ಚಿನ ಮಾಹಿತಿಗಾಗಿ ಶಿಶು ಅಭಿವೃದ್ಧಿ ಯೋಜನಾಧಿಕಾರಿಗಳು ಬ್ಯಾಡಗಿ ಇವರ ಕಾರ್ಯಾಲಯದ ಕಛೇರಿ ವೇಳೆಯಲ್ಲಿ ಮಾಹಿತಿ ಪಡೆಯಬಹುದು.
ಸಹಿ ಆಗಿದೆ/– ಶಿಶು ಅಭಿವೃದ್ಧಿ ಯೋಜನಾಧಿಕಾರಿಗಳು ಮಹಿಳಾ ಮತ್ತು ಮಕ್ಕಳ ಅಭಿವೃದ್ಧಿ ಇಲಾಖೆ ಬ್ಯಾಡಗಿ.
ಸಹಿ ಆಗಿದೆ/– ಉಪ ನಿರ್ದೇಶಕರು ಮಹಿಳಾ ಮತ್ತು ಮಕ್ಕಳ ಅಭಿವೃದ್ಧಿ ಇಲಾಖೆ ಹಾವೇರಿ
ವಾ.ಸಾ.ಸಂ.ಇ: ಹಾ/ಜಾ/ಡಿಐಪಿ–193/2025–26
ನಾಡಪ್ರಭು ಕೆಂಪೇಗೌಡರ 516ನೇ ಜಯಂತ್ಯೋತ್ಸವ
ಕೆಂಪೇಗೌಡ ಜಯಂತಿ
ಎಂಬ ನಾಮದಿಂದ ಕರೆಯಿಸಿದ್ದ ನಗರ ಇಂದು ಬೆಂಗಳೂರು ನಗರವಾಗಿ ರೂಪುಗೊಂಡಿದ್ದು, ಕೆಂಪೇಗೌಡರ ದೂರದೃಷ್ಟಿಯ ಫಲ ಎಂದು ಅಭಿಮಾನದಿಂದ ತಿಳಿಸಿದರು. ಕೆಂಪೇಗೌಡರ ಬದುಕು, ಹೋರಾಟ ಅವರ ದೂರದೃಷ್ಟಿಯುಳ್ಳ ಪರಿಣಾಮಕಾರಿ ಆಡಳಿತ ಇಂದಿಗೂ ನಮ್ಮೆಲ್ಲರಿಗೂ ಪ್ರೇರಣೆಯಾಗಿದೆ, ಉಪಮುಖ್ಯ ಮಂತ್ರಿ ಡಿ.ಕೆ. ಶಿವಕುಮಾರ ಅವರು ನಾಡ ಕಂಪೇಗೌಡರ ಅನುಯಾಯಿಯಾಗಿದ್ದು ಅವರೊಂದ ಭರಣಿ ಪಡೆದು ಕೆಂಪೇಗೌಡರ ಜಯಂತಿ ಆಚರಣೆಗೆ ಕಾರಣರಾದವರು. ಆದರಿಂದ ಕೆಂಪೇಗೌಡರ ಜಯಂತಿ ಕಾರ್ಯಕ್ರಮವನ್ನು ರಾಜ್ಯಾದ್ಯಂತ ಆಚರಿಸಲು ಕಾರಣರಾದವರು. ಕೆಂಪೇಗೌಡರ ಬೆಂಗಳೂರು ನಗರದ ನಿರ್ಮಾಣ ಕಾರ್ಯದಲ್ಲಿ ತಮ್ಮನ್ನು ತೊಡಗಿಸಿಕೊಂಡಿದ್ದು ಪ್ರಶಾಂತತೆಯ, ಕೆಂಪೇಗೌಡರ ಹೆಸರನ್ನು ಸ್ಮಾರಕ ತಮ್ಮ ಮಗನಿಗೆ ನಾಮಕರಣ ಮಾಡಿರುವ ಡಿ.ಕೆ. ಶಿವಕುಮಾರ, ಕೆಂಪೇಗೌಡರ ಬಗ್ಗೆ ತಮಗಿರುವ ಭಕ್ತಿ, ಶ್ರದ್ಧೆ ಹಾಗೂ ಅಭಿಮಾನವನ್ನು ಸಾಕ್ಷೀಕರಿಸಿದ್ದಾರೆ. ಕೆಂಪೇಗೌಡರ ಬಸವರಾಜ ಹೊಸ ಬಸವರಾಜ ಹೊರಟ್ಟಿ ಅಭಿಮಾನ ವ್ಯಕ್ತಪಡಿಸಿದರು.
ಸಮಗ್ರ ಕರ್ನಾಟಕ ಸುದ್ದಿ
ಬೆಂಗಳೂರು: ಸುವರ್ಣಸೌಧ ದಾರ್ಶನಿಕ, ಅಪ್ರತಿಮ ಆಡಳಿತಗಾರ, ಬೆಂಗಳೂರು ನಗರ ನಿರ್ಮಾತೃ ನಾಡಪ್ರಭು ಕೆಂಪೇಗೌಡರ ಅವರ ದೂರದೃಷ್ಟಿಯುಳ್ಳ ಕ್ರಾಂತಿಕಾರಿ ಆಡಳಿತ ವ್ಯವಸ್ಥೆಯಿಂದ ಶುಕ್ರವಾರ ಬೆಂಗಳೂರು ಇಡೀ ಜಗತ್ತಿನ ಗಮನ ಸೆಳೆಯುತ್ತಿದೆ ಎಂದು ಕರ್ನಾಟಕ ವಿಧಾನ ಪರಿಷತ್ ಸಭಾಪತಿ ಬಸವರಾಜ ಹೊರಟ್ಟಿ ಬಣ್ಣಿಸಿದ್ದಾರೆ. ನಾಡಪ್ರಭು ಕೆಂಪೇಗೌಡರ 516 ನೇ ಜಯಂತಿ ಉತ್ಸವದ ಅಂಗವಾಗಿ ಧಾರವಾಡ ಜಿಲ್ಲಾಡಳಿತದಿಂದ
ಆಯೋಜಿಸಲಾಗಿದ್ದ ಸಮಾರಂಭದಲ್ಲಿ ನಾಡಪ್ರಭು ಕೆಂಪೇಗೌಡರ ಭಾವಚಿತ್ರಕ್ಕೆ ಪುಷ್ಪ ಸಮರ್ಪಿಸಿ ಗೌರವ ನಮನ ಸಲ್ಲಿಸಿ ಮಾತನಾಡಿದ ಅವರು, ಹಂಪಿಯ ವೈಭವ ಕಂಡು ಬೆರಗಾಗಿದ್ದ ಕೆಂಪೇಗೌಡರು ಅಂತಹದ್ದೇ ವೈಭವದ ನಗರವನ್ನು ನಿರ್ಮಿಸಿದ್ದರು. ಇಂದು ಬಹುಪಾಲು ಬೆಳೆದು ಜಾಗತಿಕ ನಕ್ಷೆಯಲ್ಲಿ ತನ್ನದೇ ಆದ ವಿಶಿಷ್ಟ ಸ್ಥಾನ ಪಡೆದುಕೊಂಡಿದೆ. ಕೆಂಪೇಗೌಡರು ನಿರ್ಮಿಸಿದ ಕೆರೆಗಳು, ದೇವಾಲಯಗಳು, ಕೋಟೆ ಕೊತ್ತಲಗಳು ಇಂದಿಗೂ ನಮ್ಮ ಕಣ್ಣ ಮುಂದಿವೆ. ಬೆಂದಕಾಳೂರು
ಸಾವಿರ ಕೆರೆಗಳ ನಾಡು ಎಂಬ ಖ್ಯಾತಿ ಪಡೆದಿರುವ ಬೆಂಗಳೂರನ್ನು ವ್ಯವಸ್ಥಿತ ನಗರವನ್ನಾಗಿ ಬೆಳೆಸುವ ಕನಸು ಹೊತ್ತಿದ್ದ ಕೆಂಪೇಗೌಡರ ದೂರದೃಷ್ಟಿಗೆ ಇಂದು ನಮ್ಮೆಲ್ಲರೂ ಮೆಲ್ಲಲು ಸ್ಮರಿಸುವ ಕೆಂಪೇಗೌಡರ ಪರಂಪರೆಯನ್ನು ಮುಂದುವರೆಸಿಕೊಂಡು ಹೋಗಬೇಕಾಗಿದ್ದು ಕೆಂಪೇಗೌಡರ ಹಿರಿಮೆ ಇಂದಿನ ಪೀಳಿಗೆಗೆ ತಿಳಿಯುವಂತಾಗಬೇಕು ಎಂದರು. ನಾಡಿನ ಅಭಿವೃದ್ಧಿಗಾಗಿ ಬೆಳೆಯುವ ಮೂಲಕ ಕೆಂಪೇಗೌಡರ ಕನಸನ್ನು ನನಸಾಗಿಸುವುದು ನಮ್ಮೆಲ್ಲರ ಜವಾಬ್ದಾರಿಯಾಗಿದೆ. ಅವರ ಹೆಸರಿನಲ್ಲಿ ಸ್ಥಾಪಿಸಿದ ಕೆಂಪೇಗೌಡ ಪ್ರಶಸ್ತಿ ನಾಡಿನ ಗೌರವವಾಗಿದೆ. ಈ ನಿಟ್ಟಿನಲ್ಲಿ ಇಂದಿನ ಉಪಮುಖ್ಯ ಮಂತ್ರಿ ಡಿ.ಕೆ. ಶಿವಕುಮಾರ ಅವರು ಕೆಂಪೇಗೌಡರ ಆಶಯಗಳನ್ನು ಸಾಕಾರಗೊಳಿಸಲು ಶ್ರಮಿಸುತ್ತಿದ್ದಾರೆ ಎಂದು ಬಸವರಾಜ ಹೊರಟ್ಟಿ ನುಡಿದರು.
Owned, Printed and Publish by Prabhugouda Patil from c/o DC Hubballi Room No.06, IDRC Municipality Complex, Googikatti, Haveri-581110.
and Printed at Mahanubhavi Prakashana 'B' Block 9th Cross Basaveshwara Nagar Haveri-581110. KARNATAKA. Editor: Prabhugouda Patil
